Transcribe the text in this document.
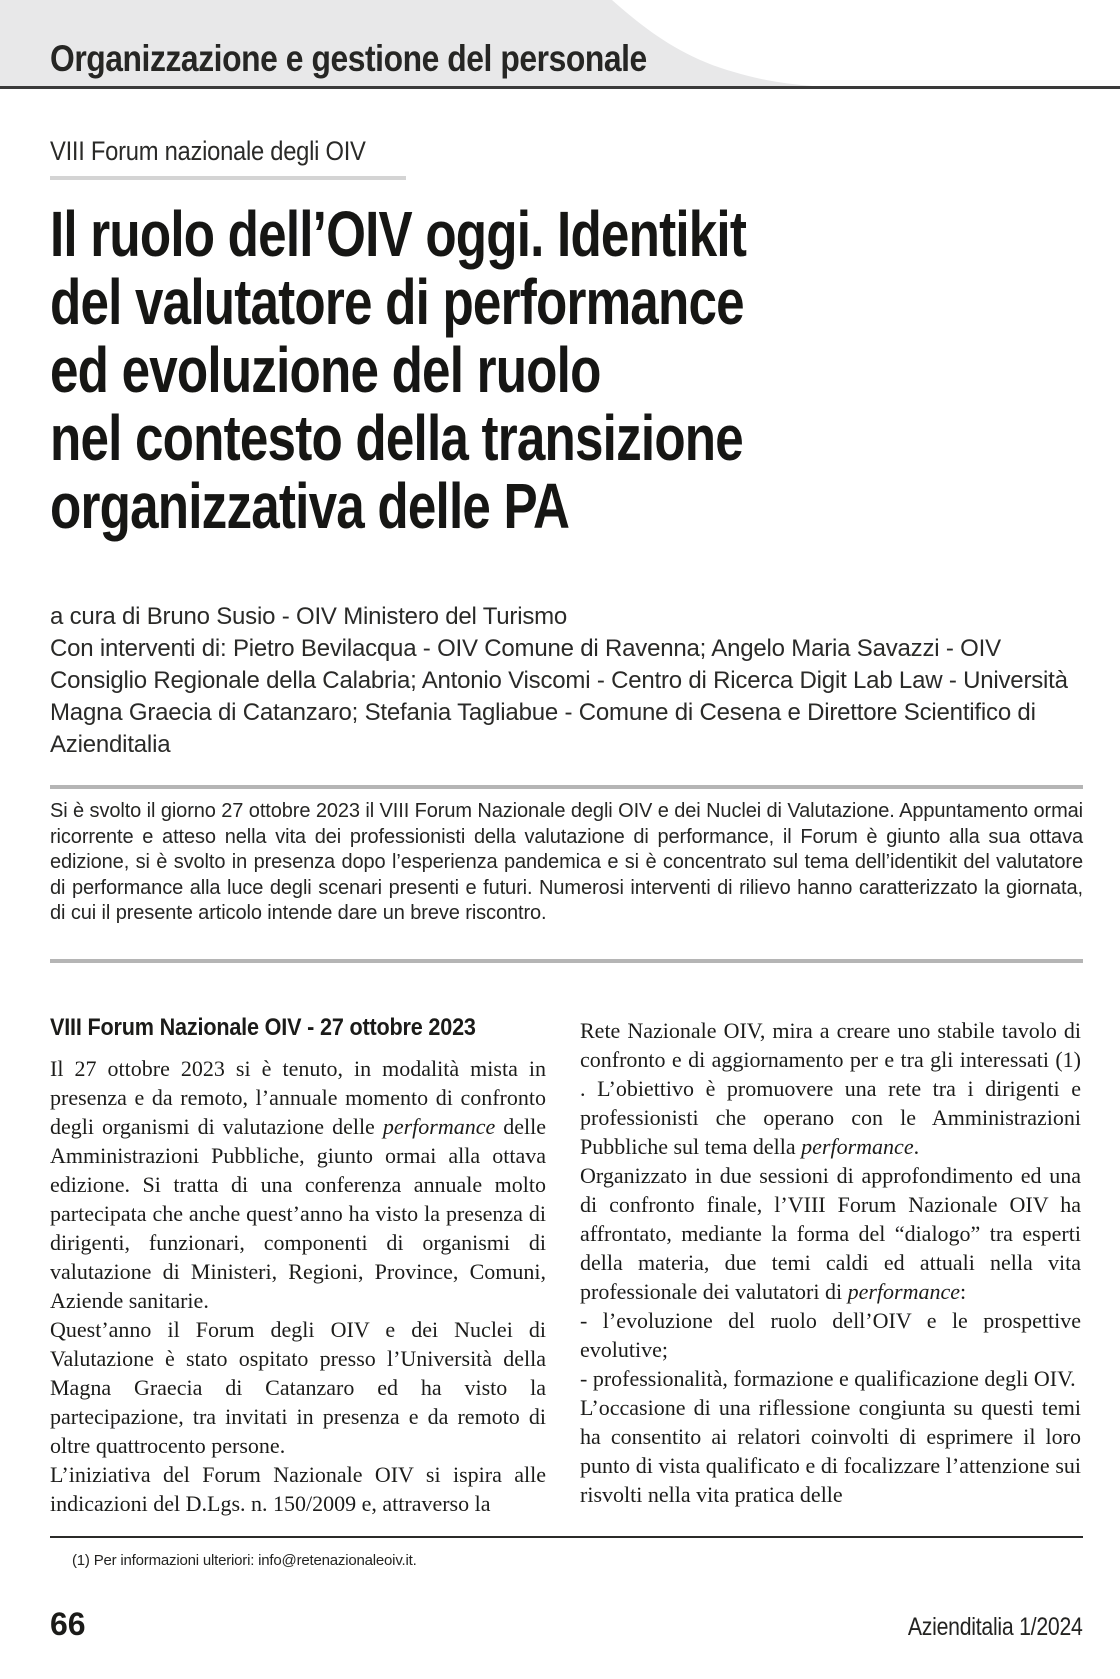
Organizzazione e gestione del personale
VIII Forum nazionale degli OIV
Il ruolo dell’OIV oggi. Identikit
del valutatore di performance
ed evoluzione del ruolo
nel contesto della transizione
organizzativa delle PA
a cura di Bruno Susio - OIV Ministero del Turismo
Con interventi di: Pietro Bevilacqua - OIV Comune di Ravenna; Angelo Maria Savazzi - OIV Consiglio Regionale della Calabria; Antonio Viscomi - Centro di Ricerca Digit Lab Law - Università Magna Graecia di Catanzaro; Stefania Tagliabue - Comune di Cesena e Direttore Scientifico di Azienditalia
Si è svolto il giorno 27 ottobre 2023 il VIII Forum Nazionale degli OIV e dei Nuclei di Valutazione. Appuntamento ormai ricorrente e atteso nella vita dei professionisti della valutazione di performance, il Forum è giunto alla sua ottava edizione, si è svolto in presenza dopo l’esperienza pandemica e si è concentrato sul tema dell’identikit del valutatore di performance alla luce degli scenari presenti e futuri. Numerosi interventi di rilievo hanno caratterizzato la giornata, di cui il presente articolo intende dare un breve riscontro.
VIII Forum Nazionale OIV - 27 ottobre 2023

Il 27 ottobre 2023 si è tenuto, in modalità mista in presenza e da remoto, l’annuale momento di confronto degli organismi di valutazione delle performance delle Amministrazioni Pubbliche, giunto ormai alla ottava edizione. Si tratta di una conferenza annuale molto partecipata che anche quest’anno ha visto la presenza di dirigenti, funzionari, componenti di organismi di valutazione di Ministeri, Regioni, Province, Comuni, Aziende sanitarie.

Quest’anno il Forum degli OIV e dei Nuclei di Valutazione è stato ospitato presso l’Università della Magna Graecia di Catanzaro ed ha visto la partecipazione, tra invitati in presenza e da remoto di oltre quattrocento persone.

L’iniziativa del Forum Nazionale OIV si ispira alle indicazioni del D.Lgs. n. 150/2009 e, attraverso la

Rete Nazionale OIV, mira a creare uno stabile tavolo di confronto e di aggiornamento per e tra gli interessati (1) . L’obiettivo è promuovere una rete tra i dirigenti e professionisti che operano con le Amministrazioni Pubbliche sul tema della performance.

Organizzato in due sessioni di approfondimento ed una di confronto finale, l’VIII Forum Nazionale OIV ha affrontato, mediante la forma del “dialogo” tra esperti della materia, due temi caldi ed attuali nella vita professionale dei valutatori di performance:

- l’evoluzione del ruolo dell’OIV e le prospettive evolutive;

- professionalità, formazione e qualificazione degli OIV.

L’occasione di una riflessione congiunta su questi temi ha consentito ai relatori coinvolti di esprimere il loro punto di vista qualificato e di focalizzare l’attenzione sui risvolti nella vita pratica delle

(1) Per informazioni ulteriori: info@retenazionaleoiv.it.
66	Azienditalia 1/2024
